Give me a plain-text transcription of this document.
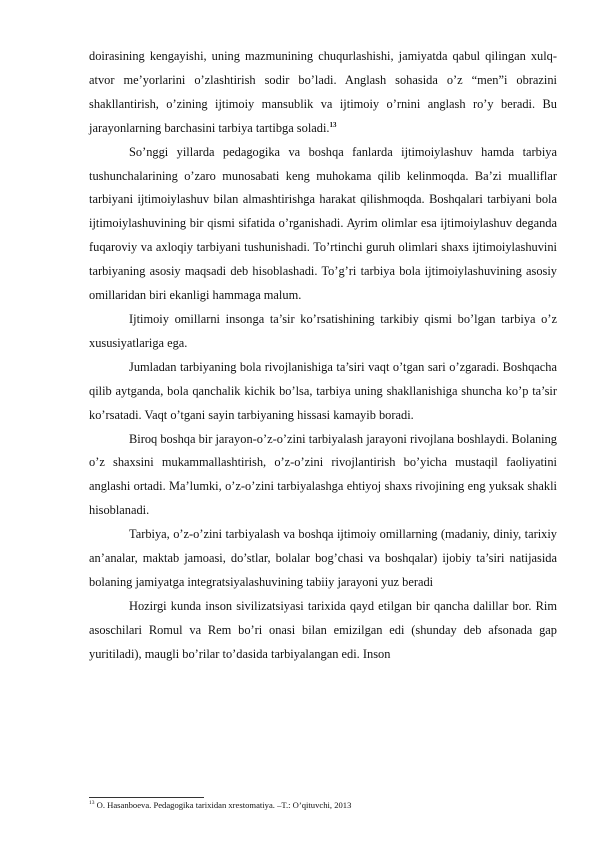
doirasining kengayishi, uning mazmunining chuqurlashishi, jamiyatda qabul qilingan xulq-atvor me’yorlarini o’zlashtirish sodir bo’ladi. Anglash sohasida o’z “men”i obrazini shakllantirish, o’zining ijtimoiy mansublik va ijtimoiy o’rnini anglash ro’y beradi. Bu jarayonlarning barchasini tarbiya tartibga soladi.$^{13}$

So’nggi yillarda pedagogika va boshqa fanlarda ijtimoiylashuv hamda tarbiya tushunchalarining o’zaro munosabati keng muhokama qilib kelinmoqda. Ba’zi mualliflar tarbiyani ijtimoiylashuv bilan almashtirishga harakat qilishmoqda. Boshqalari tarbiyani bola ijtimoiylashuvining bir qismi sifatida o’rganishadi. Ayrim olimlar esa ijtimoiylashuv deganda fuqaroviy va axloqiy tarbiyani tushunishadi. To’rtinchi guruh olimlari shaxs ijtimoiylashuvini tarbiyaning asosiy maqsadi deb hisoblashadi. To’g’ri tarbiya bola ijtimoiylashuvining asosiy omillaridan biri ekanligi hammaga malum.

Ijtimoiy omillarni insonga ta’sir ko’rsatishining tarkibiy qismi bo’lgan tarbiya o’z xususiyatlariga ega.

Jumladan tarbiyaning bola rivojlanishiga ta’siri vaqt o’tgan sari o’zgaradi. Boshqacha qilib aytganda, bola qanchalik kichik bo’lsa, tarbiya uning shakllanishiga shuncha ko’p ta’sir ko’rsatadi. Vaqt o’tgani sayin tarbiyaning hissasi kamayib boradi.

Biroq boshqa bir jarayon-o’z-o’zini tarbiyalash jarayoni rivojlana boshlaydi. Bolaning o’z shaxsini mukammallashtirish, o’z-o’zini rivojlantirish bo’yicha mustaqil faoliyatini anglashi ortadi. Ma’lumki, o’z-o’zini tarbiyalashga ehtiyoj shaxs rivojining eng yuksak shakli hisoblanadi.

Tarbiya, o’z-o’zini tarbiyalash va boshqa ijtimoiy omillarning (madaniy, diniy, tarixiy an’analar, maktab jamoasi, do’stlar, bolalar bog’chasi va boshqalar) ijobiy ta’siri natijasida bolaning jamiyatga integratsiyalashuvining tabiiy jarayoni yuz beradi

Hozirgi kunda inson sivilizatsiyasi tarixida qayd etilgan bir qancha dalillar bor. Rim asoschilari Romul va Rem bo’ri onasi bilan emizilgan edi (shunday deb afsonada gap yuritiladi), maugli bo’rilar to’dasida tarbiyalangan edi. Inson

$^{13}$ O. Hasanboeva. Pedagogika tarixidan xrestomatiya. –T.: O’qituvchi, 2013
